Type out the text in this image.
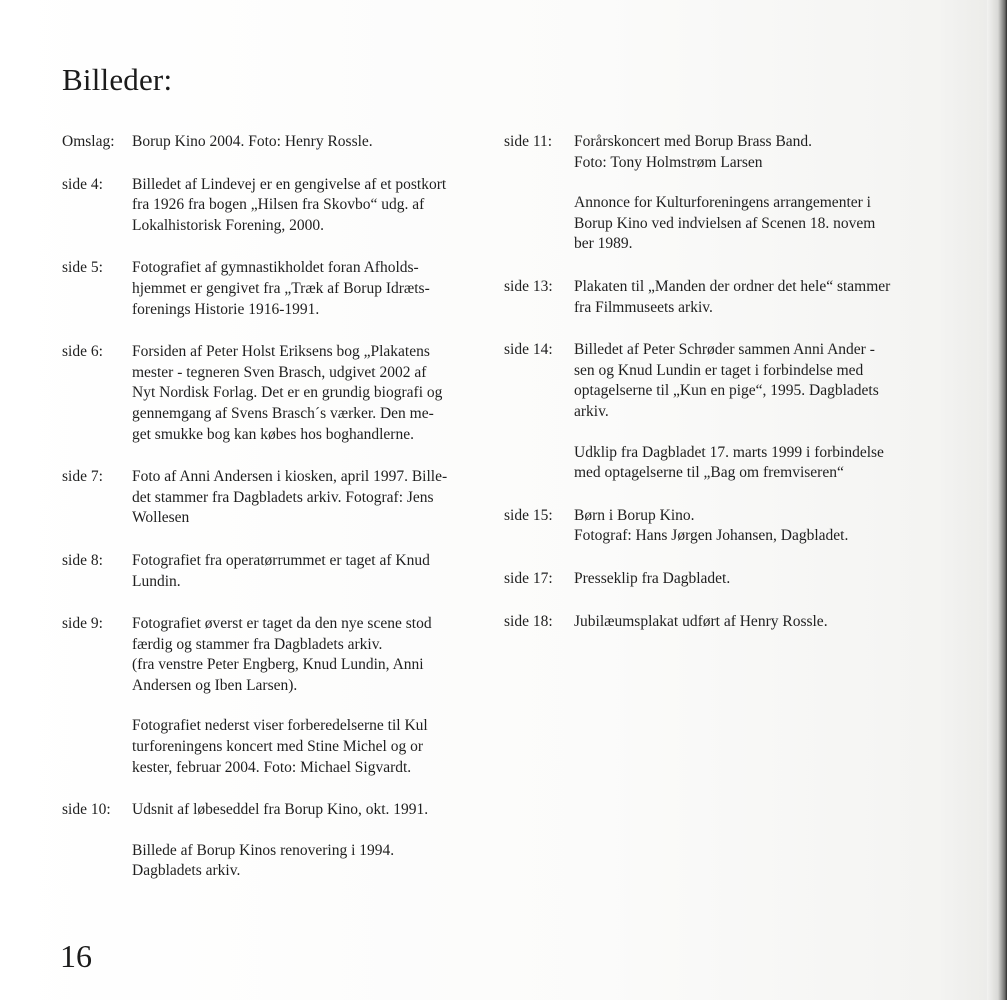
Billeder:
Omslag:	Borup Kino 2004. Foto: Henry Rossle.
side 4:	Billedet af Lindevej er en gengivelse af et postkort
fra 1926 fra bogen „Hilsen fra Skovbo“ udg. af
Lokalhistorisk Forening, 2000.
side 5:	Fotografiet af gymnastikholdet foran Afholds-
hjemmet er gengivet fra „Træk af Borup Idræts-
forenings Historie 1916-1991.
side 6:	Forsiden af Peter Holst Eriksens bog „Plakatens
mester - tegneren Sven Brasch, udgivet 2002 af
Nyt Nordisk Forlag. Det er en grundig biografi og
gennemgang af Svens Brasch´s værker. Den me-
get smukke bog kan købes hos boghandlerne.
side 7:	Foto af Anni Andersen i kiosken, april 1997. Bille-
det stammer fra Dagbladets arkiv. Fotograf: Jens
Wollesen
side 8:	Fotografiet fra operatørrummet er taget af Knud
Lundin.
side 9:	Fotografiet øverst er taget da den nye scene stod
færdig og stammer fra Dagbladets arkiv.
(fra venstre Peter Engberg, Knud Lundin, Anni
Andersen og Iben Larsen).
Fotografiet nederst viser forberedelserne til Kul
turforeningens koncert med Stine Michel og or
kester, februar 2004. Foto: Michael Sigvardt.
side 10:	Udsnit af løbeseddel fra Borup Kino, okt. 1991.
Billede af Borup Kinos renovering i 1994.
Dagbladets arkiv.
side 11:	Forårskoncert med Borup Brass Band.
Foto: Tony Holmstrøm Larsen
Annonce for Kulturforeningens arrangementer i
Borup Kino ved indvielsen af Scenen 18. novem
ber 1989.
side 13:	Plakaten til „Manden der ordner det hele“ stammer
fra Filmmuseets arkiv.
side 14:	Billedet af Peter Schrøder sammen Anni Ander -
sen og Knud Lundin er taget i forbindelse med
optagelserne til „Kun en pige“, 1995. Dagbladets
arkiv.
Udklip fra Dagbladet 17. marts 1999 i forbindelse
med optagelserne til „Bag om fremviseren“
side 15:	Børn i Borup Kino.
Fotograf: Hans Jørgen Johansen, Dagbladet.
side 17:	Presseklip fra Dagbladet.
side 18:	Jubilæumsplakat udført af Henry Rossle.
16
